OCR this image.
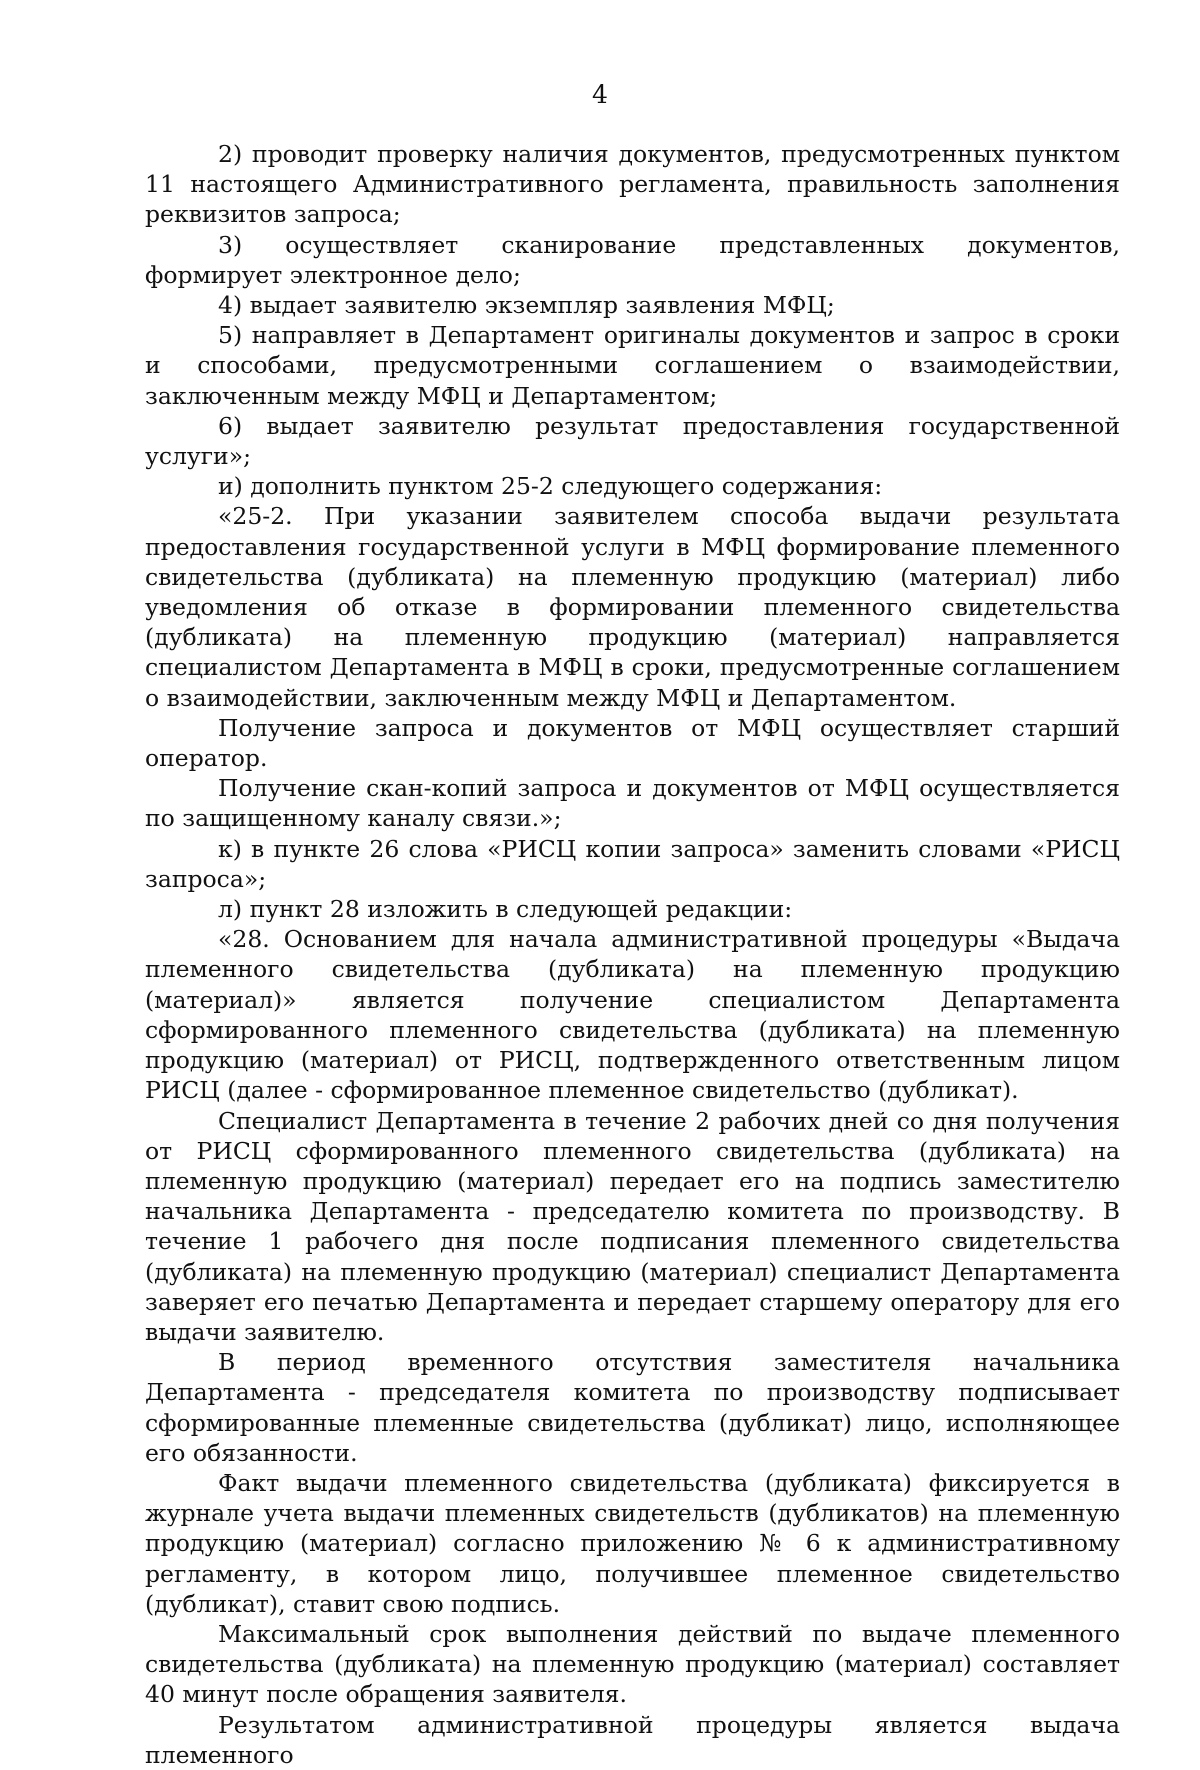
4

2) проводит проверку наличия документов, предусмотренных пунктом 11 настоящего Административного регламента, правильность заполнения реквизитов запроса;

3) осуществляет сканирование представленных документов, формирует электронное дело;

4) выдает заявителю экземпляр заявления МФЦ;

5) направляет в Департамент оригиналы документов и запрос в сроки и способами, предусмотренными соглашением о взаимодействии, заключенным между МФЦ и Департаментом;

6) выдает заявителю результат предоставления государственной услуги»;

и) дополнить пунктом 25-2 следующего содержания:

«25-2. При указании заявителем способа выдачи результата предоставления государственной услуги в МФЦ формирование племенного свидетельства (дубликата) на племенную продукцию (материал) либо уведомления об отказе в формировании племенного свидетельства (дубликата) на племенную продукцию (материал) направляется специалистом Департамента в МФЦ в сроки, предусмотренные соглашением о взаимодействии, заключенным между МФЦ и Департаментом.

Получение запроса и документов от МФЦ осуществляет старший оператор.

Получение скан-копий запроса и документов от МФЦ осуществляется по защищенному каналу связи.»;

к) в пункте 26 слова «РИСЦ копии запроса» заменить словами «РИСЦ запроса»;

л) пункт 28 изложить в следующей редакции:

«28. Основанием для начала административной процедуры «Выдача племенного свидетельства (дубликата) на племенную продукцию (материал)» является получение специалистом Департамента сформированного племенного свидетельства (дубликата) на племенную продукцию (материал) от РИСЦ, подтвержденного ответственным лицом РИСЦ (далее - сформированное племенное свидетельство (дубликат).

Специалист Департамента в течение 2 рабочих дней со дня получения от РИСЦ сформированного племенного свидетельства (дубликата) на племенную продукцию (материал) передает его на подпись заместителю начальника Департамента - председателю комитета по производству. В течение 1 рабочего дня после подписания племенного свидетельства (дубликата) на племенную продукцию (материал) специалист Департамента заверяет его печатью Департамента и передает старшему оператору для его выдачи заявителю.

В период временного отсутствия заместителя начальника Департамента - председателя комитета по производству подписывает сформированные племенные свидетельства (дубликат) лицо, исполняющее его обязанности.

Факт выдачи племенного свидетельства (дубликата) фиксируется в журнале учета выдачи племенных свидетельств (дубликатов) на племенную продукцию (материал) согласно приложению № 6 к административному регламенту, в котором лицо, получившее племенное свидетельство (дубликат), ставит свою подпись.

Максимальный срок выполнения действий по выдаче племенного свидетельства (дубликата) на племенную продукцию (материал) составляет 40 минут после обращения заявителя.

Результатом административной процедуры является выдача племенного
